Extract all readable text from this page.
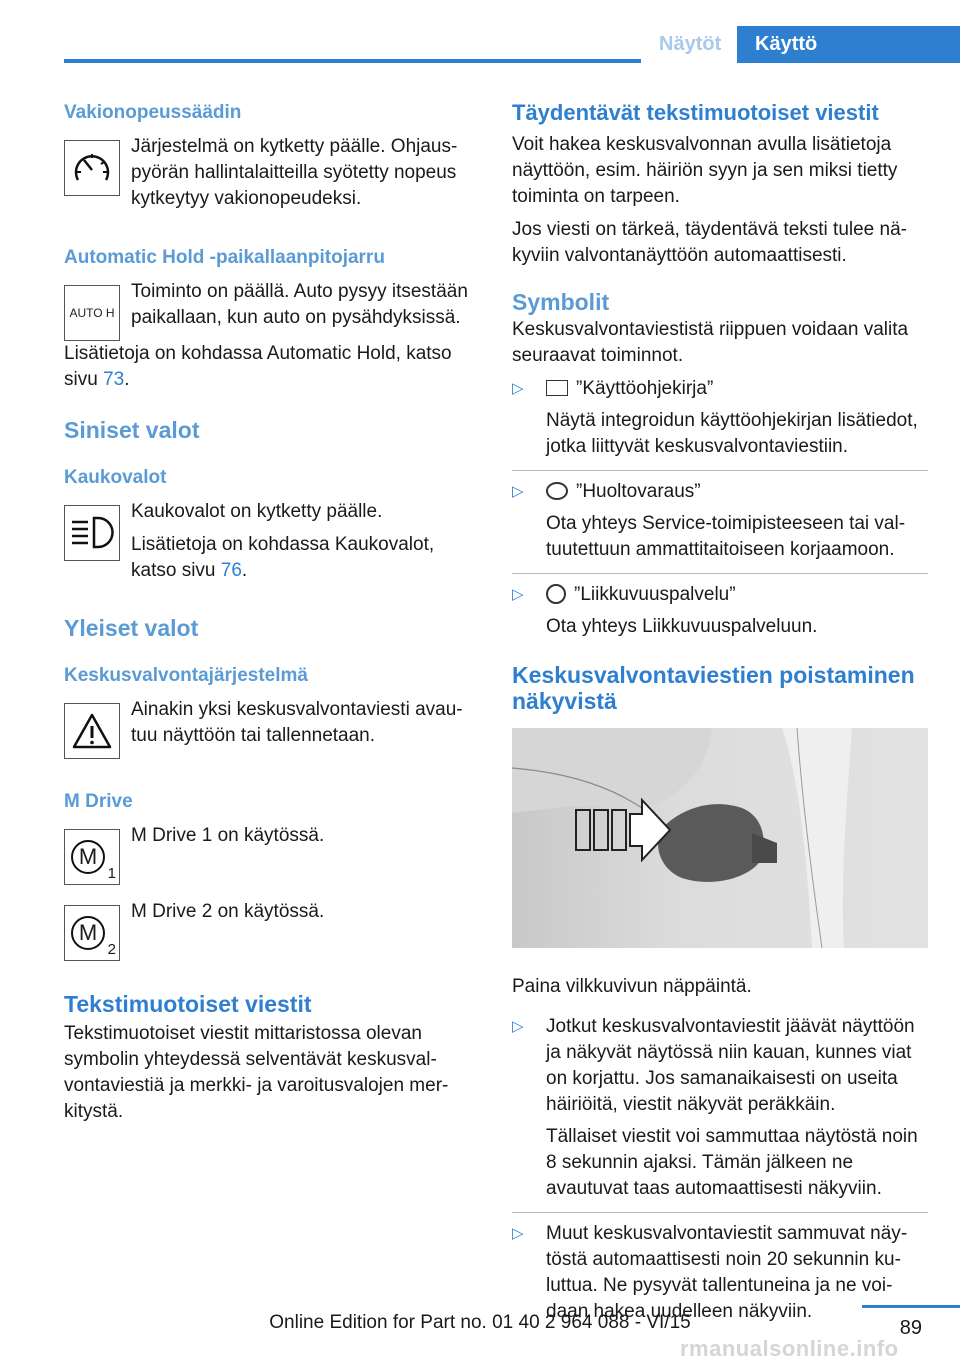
Näytöt	Käyttö
Vakionopeussäädin
Järjestelmä on kytketty päälle. Ohjauspyörän hallintalaitteilla syötetty nopeus kytkeytyy vakionopeudeksi.
Automatic Hold -paikallaanpitojarru
AUTO H
Toiminto on päällä. Auto pysyy itsestään paikallaan, kun auto on pysähdyksissä.
Lisätietoja on kohdassa Automatic Hold, katso sivu 73.
Siniset valot
Kaukovalot
Kaukovalot on kytketty päälle.
Lisätietoja on kohdassa Kaukovalot, katso sivu 76.
Yleiset valot
Keskusvalvontajärjestelmä
Ainakin yksi keskusvalvontaviesti avautuu näyttöön tai tallennetaan.
M Drive
M
1
M Drive 1 on käytössä.
M
2
M Drive 2 on käytössä.
Tekstimuotoiset viestit
Tekstimuotoiset viestit mittaristossa olevan symbolin yhteydessä selventävät keskusvalvontaviestiä ja merkki- ja varoitusvalojen merkitystä.
Täydentävät tekstimuotoiset viestit
Voit hakea keskusvalvonnan avulla lisätietoja näyttöön, esim. häiriön syyn ja sen miksi tietty toiminta on tarpeen.
Jos viesti on tärkeä, täydentävä teksti tulee näkyviin valvontanäyttöön automaattisesti.
Symbolit
Keskusvalvontaviestistä riippuen voidaan valita seuraavat toiminnot.
▷	”Käyttöohjekirja”
Näytä integroidun käyttöohjekirjan lisätiedot, jotka liittyvät keskusvalvontaviestiin.
▷	”Huoltovaraus”
Ota yhteys Service-toimipisteeseen tai valtuutettuun ammattitaitoiseen korjaamoon.
▷	”Liikkuvuuspalvelu”
Ota yhteys Liikkuvuuspalveluun.
Keskusvalvontaviestien poistaminen näkyvistä
Paina vilkkuvivun näppäintä.
▷ Jotkut keskusvalvontaviestit jäävät näyttöön ja näkyvät näytössä niin kauan, kunnes viat on korjattu. Jos samanaikaisesti on useita häiriöitä, viestit näkyvät peräkkäin.
Tällaiset viestit voi sammuttaa näytöstä noin 8 sekunnin ajaksi. Tämän jälkeen ne avautuvat taas automaattisesti näkyviin.
▷ Muut keskusvalvontaviestit sammuvat näytöstä automaattisesti noin 20 sekunnin kuluttua. Ne pysyvät tallentuneina ja ne voidaan hakea uudelleen näkyviin.
89
Online Edition for Part no. 01 40 2 964 088 - VI/15
rmanualsonline.info
